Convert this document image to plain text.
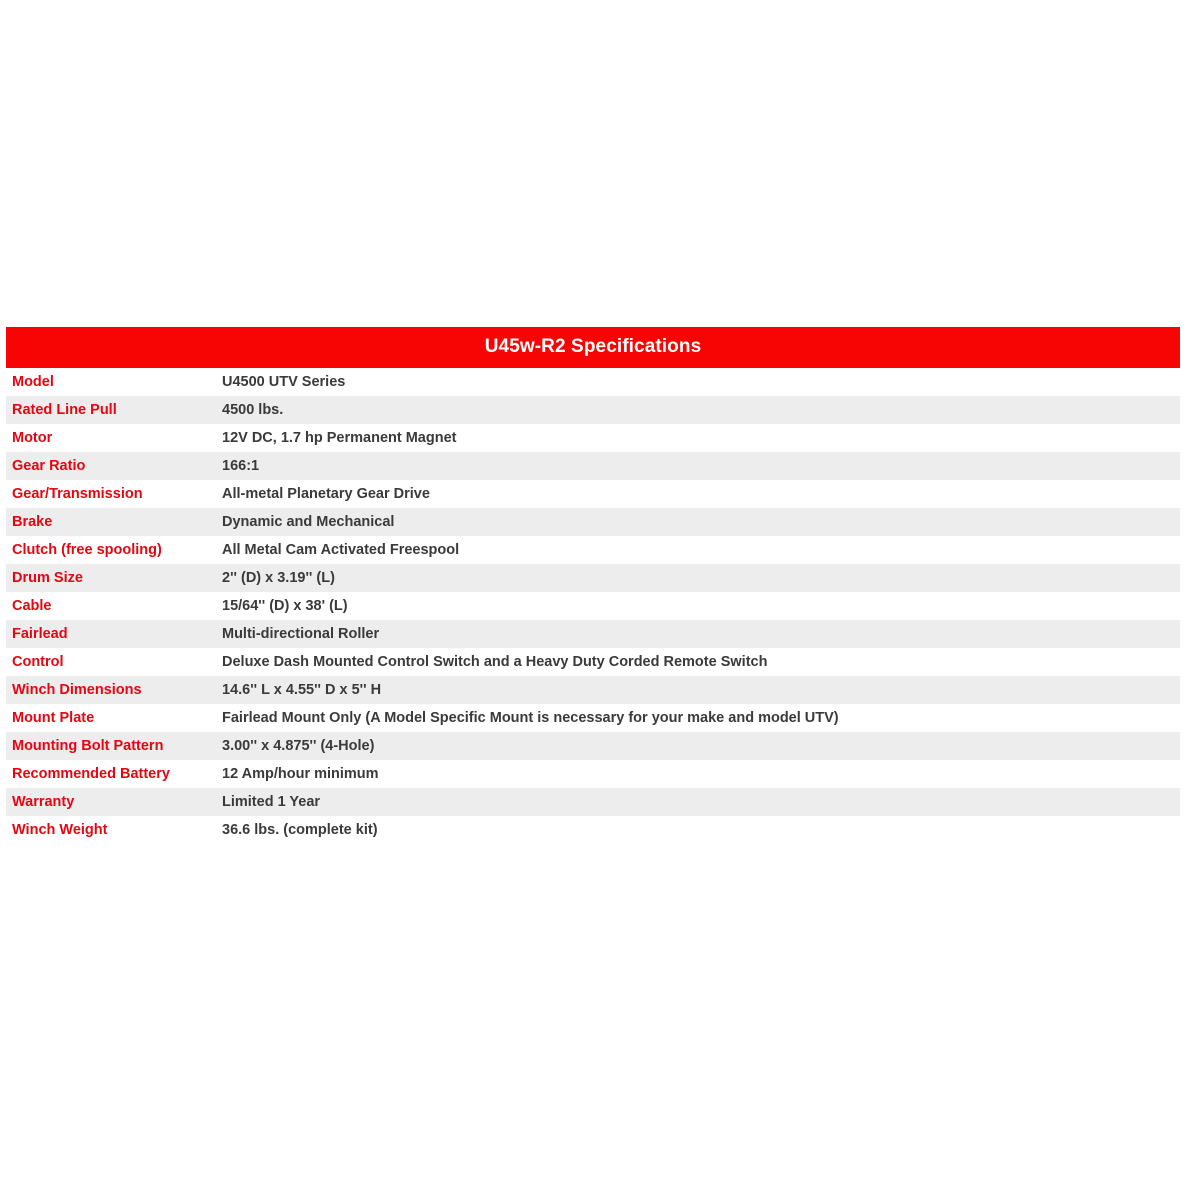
U45w-R2 Specifications	
Model	U4500 UTV Series
Rated Line Pull	4500 lbs.
Motor	12V DC, 1.7 hp Permanent Magnet
Gear Ratio	166:1
Gear/Transmission	All-metal Planetary Gear Drive
Brake	Dynamic and Mechanical
Clutch (free spooling)	All Metal Cam Activated Freespool
Drum Size	2'' (D) x 3.19'' (L)
Cable	15/64'' (D) x 38' (L)
Fairlead	Multi-directional Roller
Control	Deluxe Dash Mounted Control Switch and a Heavy Duty Corded Remote Switch
Winch Dimensions	14.6'' L x 4.55'' D x 5'' H
Mount Plate	Fairlead Mount Only (A Model Specific Mount is necessary for your make and model UTV)
Mounting Bolt Pattern	3.00'' x 4.875'' (4-Hole)
Recommended Battery	12 Amp/hour minimum
Warranty	Limited 1 Year
Winch Weight	36.6 lbs. (complete kit)
